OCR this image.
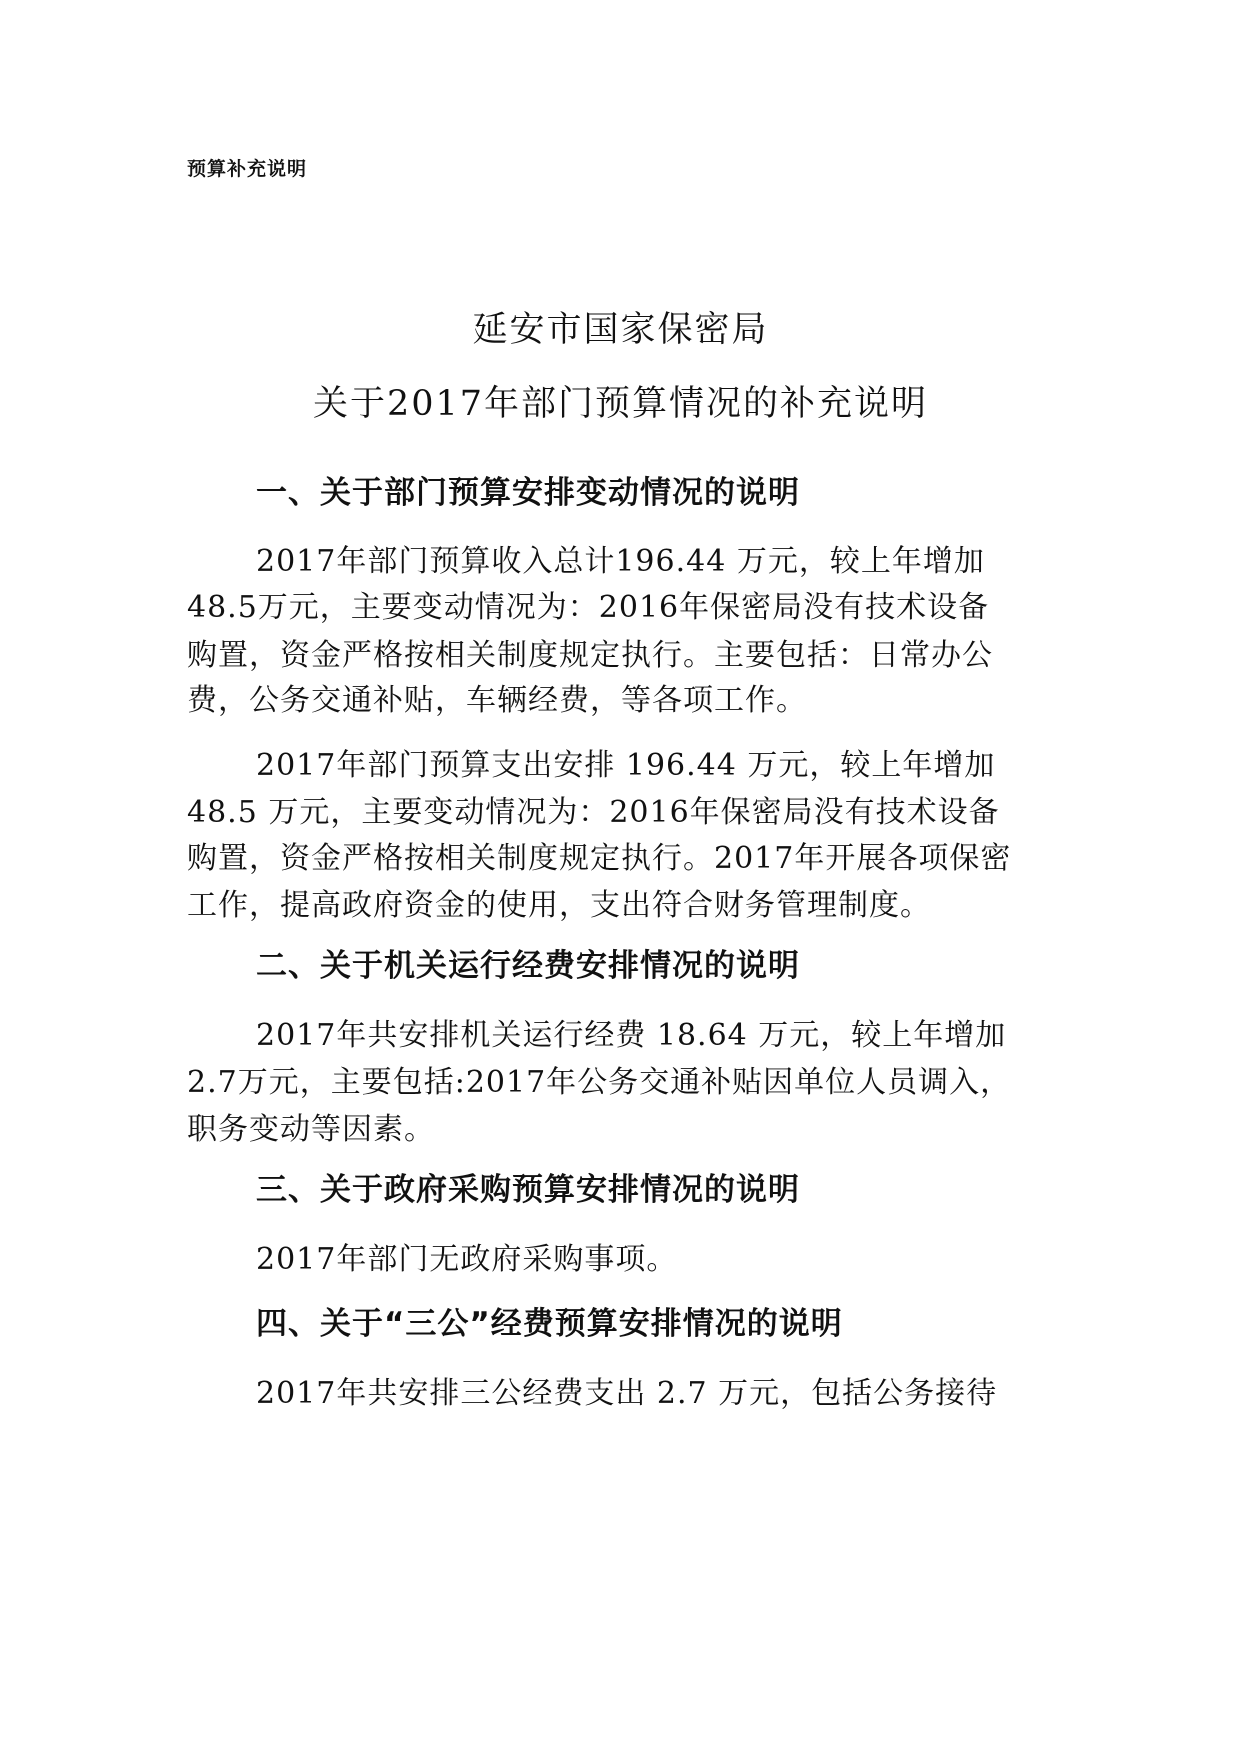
预算补充说明
延安市国家保密局
关于2017年部门预算情况的补充说明
一、关于部门预算安排变动情况的说明
2017年部门预算收入总计196.44 万元，较上年增加
48.5万元，主要变动情况为：2016年保密局没有技术设备
购置，资金严格按相关制度规定执行。主要包括：日常办公
费，公务交通补贴，车辆经费，等各项工作。
2017年部门预算支出安排 196.44 万元，较上年增加
48.5 万元，主要变动情况为：2016年保密局没有技术设备
购置，资金严格按相关制度规定执行。2017年开展各项保密
工作，提高政府资金的使用，支出符合财务管理制度。
二、关于机关运行经费安排情况的说明
2017年共安排机关运行经费 18.64 万元，较上年增加
2.7万元，主要包括:2017年公务交通补贴因单位人员调入，
职务变动等因素。
三、关于政府采购预算安排情况的说明
2017年部门无政府采购事项。
四、关于“三公”经费预算安排情况的说明
2017年共安排三公经费支出 2.7 万元，包括公务接待
